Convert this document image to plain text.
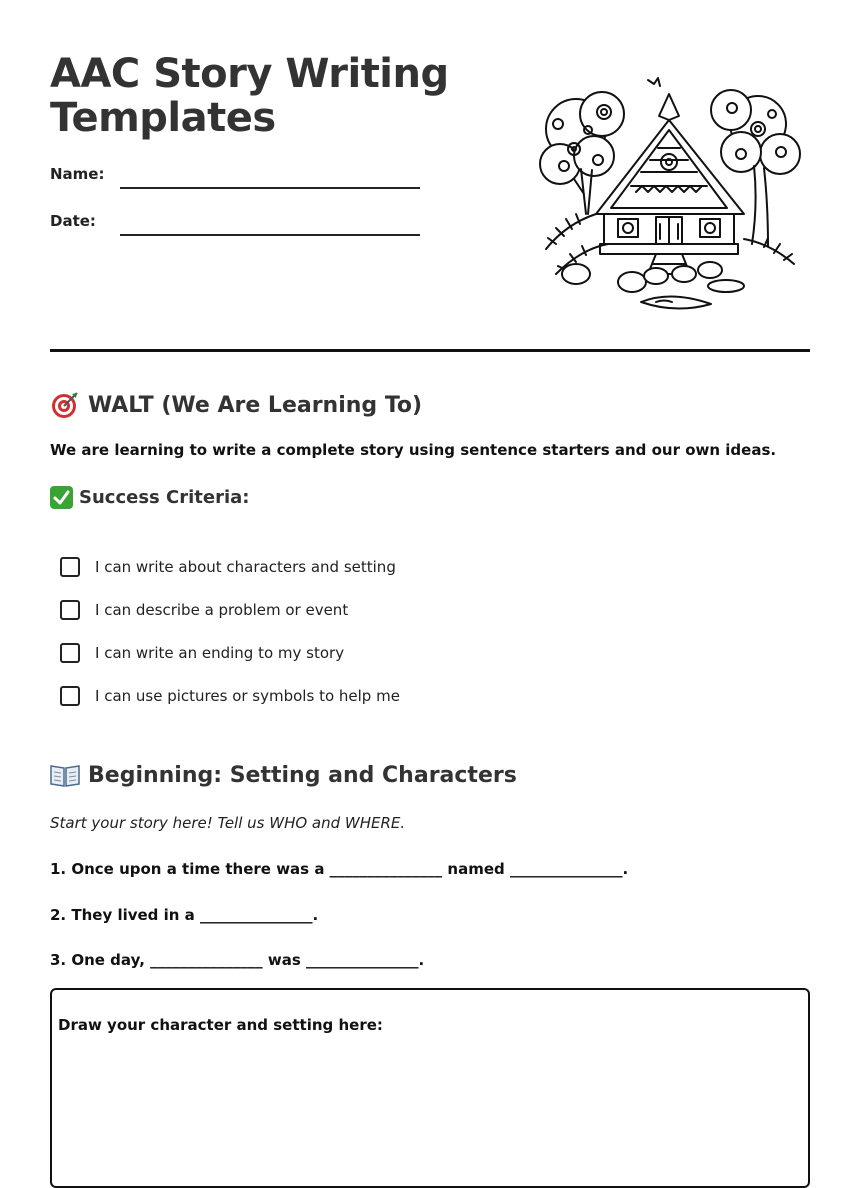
AAC Story Writing Templates
Name:
Date:
WALT (We Are Learning To)

We are learning to write a complete story using sentence starters and our own ideas.

Success Criteria:
I can write about characters and setting
I can describe a problem or event
I can write an ending to my story
I can use pictures or symbols to help me
Beginning: Setting and Characters

Start your story here! Tell us WHO and WHERE.

1. Once upon a time there was a _______________ named _______________.

2. They lived in a _______________.

3. One day, _______________ was _______________.

Draw your character and setting here:
